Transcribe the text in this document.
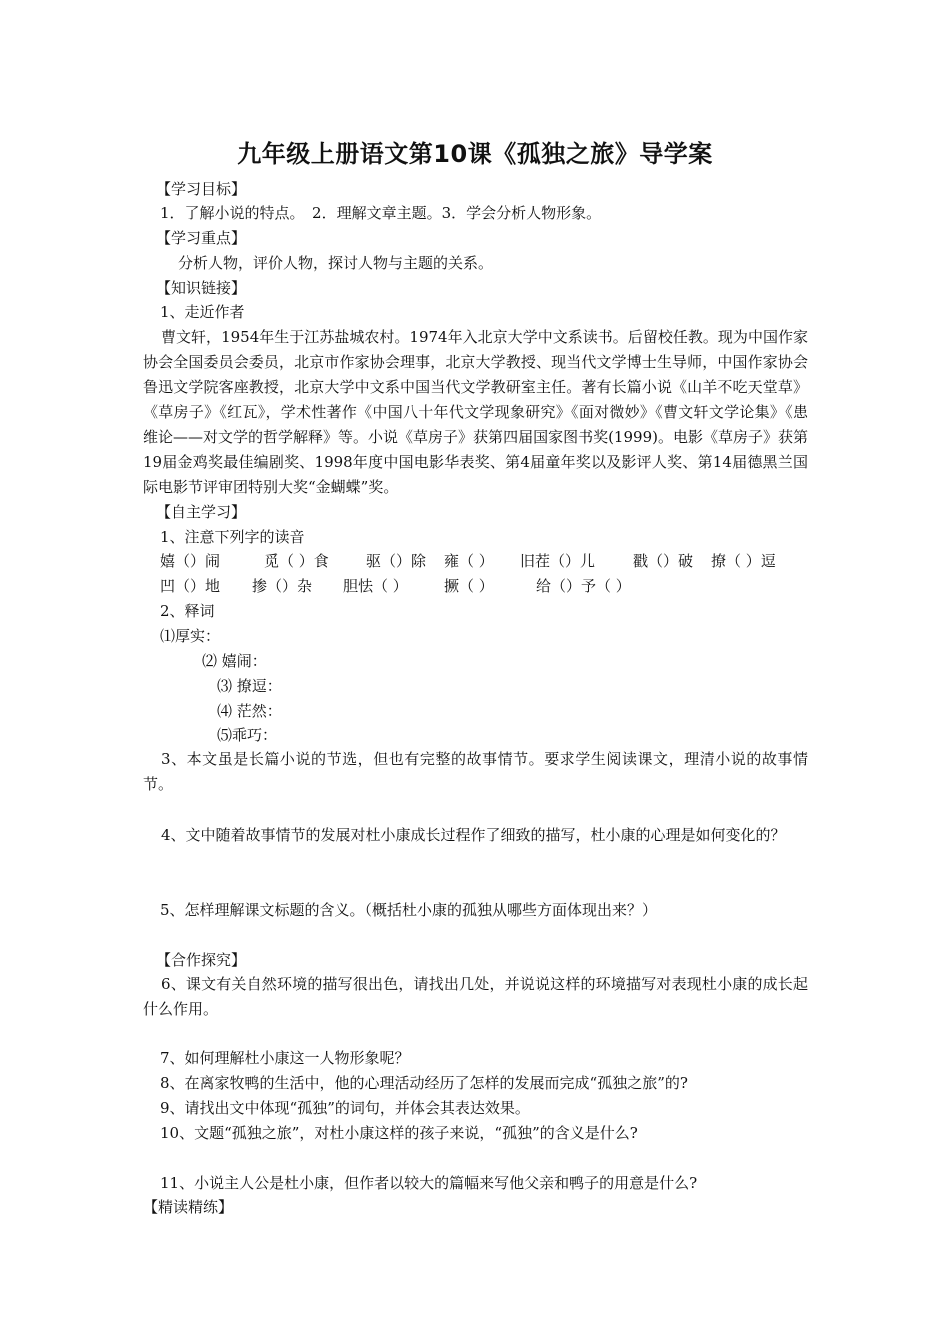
九年级上册语文第10课《孤独之旅》导学案
【学习目标】
1．了解小说的特点。　2．理解文章主题。3．学会分析人物形象。
【学习重点】
分析人物，评价人物，探讨人物与主题的关系。
【知识链接】
1、走近作者
曹文轩，1954年生于江苏盐城农村。1974年入北京大学中文系读书。后留校任教。现为中国作家协会全国委员会委员，北京市作家协会理事，北京大学教授、现当代文学博士生导师，中国作家协会鲁迅文学院客座教授，北京大学中文系中国当代文学教研室主任。著有长篇小说《山羊不吃天堂草》《草房子》《红瓦》，学术性著作《中国八十年代文学现象研究》《面对微妙》《曹文轩文学论集》《患维论——对文学的哲学解释》等。小说《草房子》获第四届国家图书奖(1999)。电影《草房子》获第19届金鸡奖最佳编剧奖、1998年度中国电影华表奖、第4届童年奖以及影评人奖、第14届德黑兰国际电影节评审团特别大奖“金蝴蝶”奖。
【自主学习】
1、注意下列字的读音
嬉（）闹	觅（ ）食 驱（）除 雍（ ） 旧茬（）儿	戳（）破 撩（ ）逗
凹（）地 掺（）杂 胆怯（ ） 撅（ ）	给（）予（ ）
2、释词
⑴厚实：
⑵ 嬉闹：
⑶ 撩逗：
⑷ 茫然：
⑸乖巧：
3、本文虽是长篇小说的节选，但也有完整的故事情节。要求学生阅读课文，理清小说的故事情节。
4、文中随着故事情节的发展对杜小康成长过程作了细致的描写，杜小康的心理是如何变化的？
5、怎样理解课文标题的含义。（概括杜小康的孤独从哪些方面体现出来？）
【合作探究】
6、课文有关自然环境的描写很出色，请找出几处，并说说这样的环境描写对表现杜小康的成长起什么作用。
7、如何理解杜小康这一人物形象呢？
8、在离家牧鸭的生活中，他的心理活动经历了怎样的发展而完成“孤独之旅”的?
9、请找出文中体现“孤独”的词句，并体会其表达效果。
10、文题“孤独之旅”，对杜小康这样的孩子来说，“孤独”的含义是什么?
11、小说主人公是杜小康，但作者以较大的篇幅来写他父亲和鸭子的用意是什么?
【精读精练】
